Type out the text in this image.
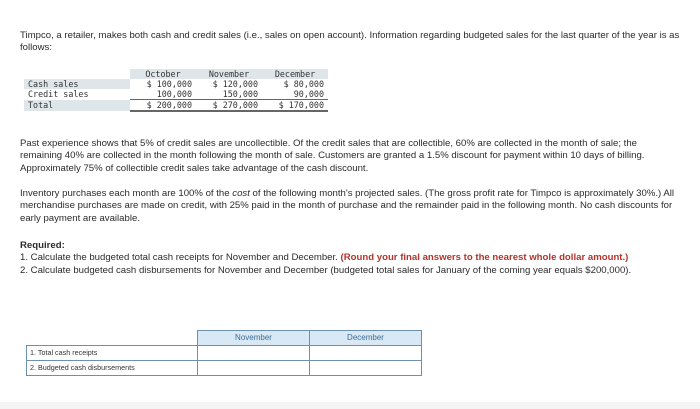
Timpco, a retailer, makes both cash and credit sales (i.e., sales on open account). Information regarding budgeted sales for the last quarter of the year is as follows:
	October	November	December
Cash sales	$ 100,000	$ 120,000	$ 80,000
Credit sales	100,000	150,000	90,000
Total	$ 200,000	$ 270,000	$ 170,000
Past experience shows that 5% of credit sales are uncollectible. Of the credit sales that are collectible, 60% are collected in the month of sale; the remaining 40% are collected in the month following the month of sale. Customers are granted a 1.5% discount for payment within 10 days of billing. Approximately 75% of collectible credit sales take advantage of the cash discount.
Inventory purchases each month are 100% of the cost of the following month's projected sales. (The gross profit rate for Timpco is approximately 30%.) All merchandise purchases are made on credit, with 25% paid in the month of purchase and the remainder paid in the following month. No cash discounts for early payment are available.
Required:
1. Calculate the budgeted total cash receipts for November and December. (Round your final answers to the nearest whole dollar amount.)
2. Calculate budgeted cash disbursements for November and December (budgeted total sales for January of the coming year equals $200,000).
	November	December
1. Total cash receipts		
2. Budgeted cash disbursements		
